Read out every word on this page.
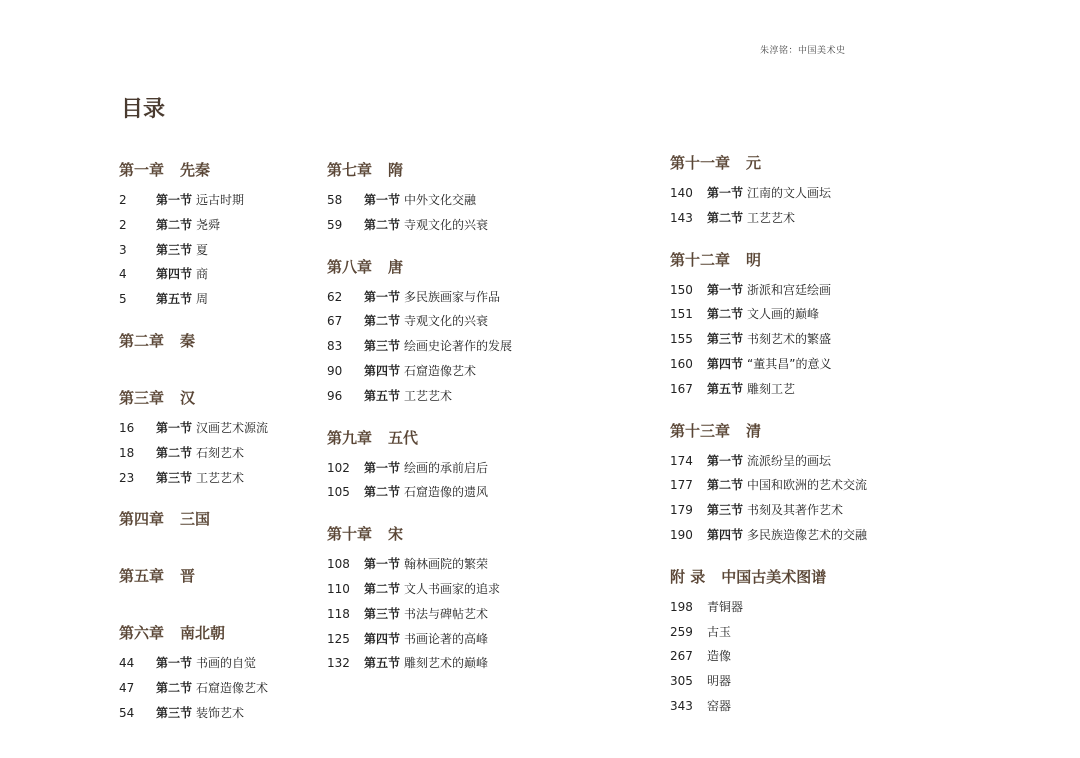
朱淳铭：中国美术史
目录
第一章 先秦
2	第一节 远古时期
2	第二节 尧舜
3	第三节 夏
4	第四节 商
5	第五节 周
第二章 秦
第三章 汉
16	第一节 汉画艺术源流
18	第二节 石刻艺术
23	第三节 工艺艺术
第四章 三国
第五章 晋
第六章 南北朝
44	第一节 书画的自觉
47	第二节 石窟造像艺术
54	第三节 装饰艺术
第七章 隋
58	第一节 中外文化交融
59	第二节 寺观文化的兴衰
第八章 唐
62	第一节 多民族画家与作品
67	第二节 寺观文化的兴衰
83	第三节 绘画史论著作的发展
90	第四节 石窟造像艺术
96	第五节 工艺艺术
第九章 五代
102	第一节 绘画的承前启后
105	第二节 石窟造像的遗风
第十章 宋
108	第一节 翰林画院的繁荣
110	第二节 文人书画家的追求
118	第三节 书法与碑帖艺术
125	第四节 书画论著的高峰
132	第五节 雕刻艺术的巅峰
第十一章 元
140	第一节 江南的文人画坛
143	第二节 工艺艺术
第十二章 明
150	第一节 浙派和宫廷绘画
151	第二节 文人画的巅峰
155	第三节 书刻艺术的繁盛
160	第四节 “董其昌”的意义
167	第五节 雕刻工艺
第十三章 清
174	第一节 流派纷呈的画坛
177	第二节 中国和欧洲的艺术交流
179	第三节 书刻及其著作艺术
190	第四节 多民族造像艺术的交融
附 录 中国古美术图谱
198	青铜器
259	古玉
267	造像
305	明器
343	窑器
